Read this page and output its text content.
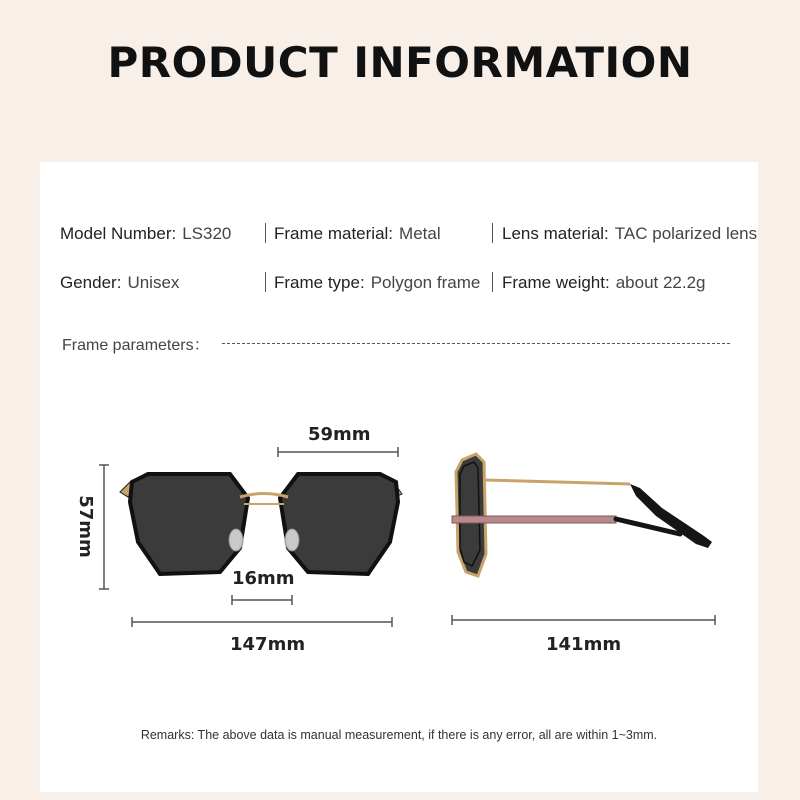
PRODUCT INFORMATION
Model Number: LS320	Frame material: Metal	Lens material: TAC polarized lens
Gender: Unisex	Frame type: Polygon frame Frame weight: about 22.2g
Frame parameters：
59mm
57mm
16mm
147mm	141mm
Remarks: The above data is manual measurement, if there is any error, all are within 1~3mm.
